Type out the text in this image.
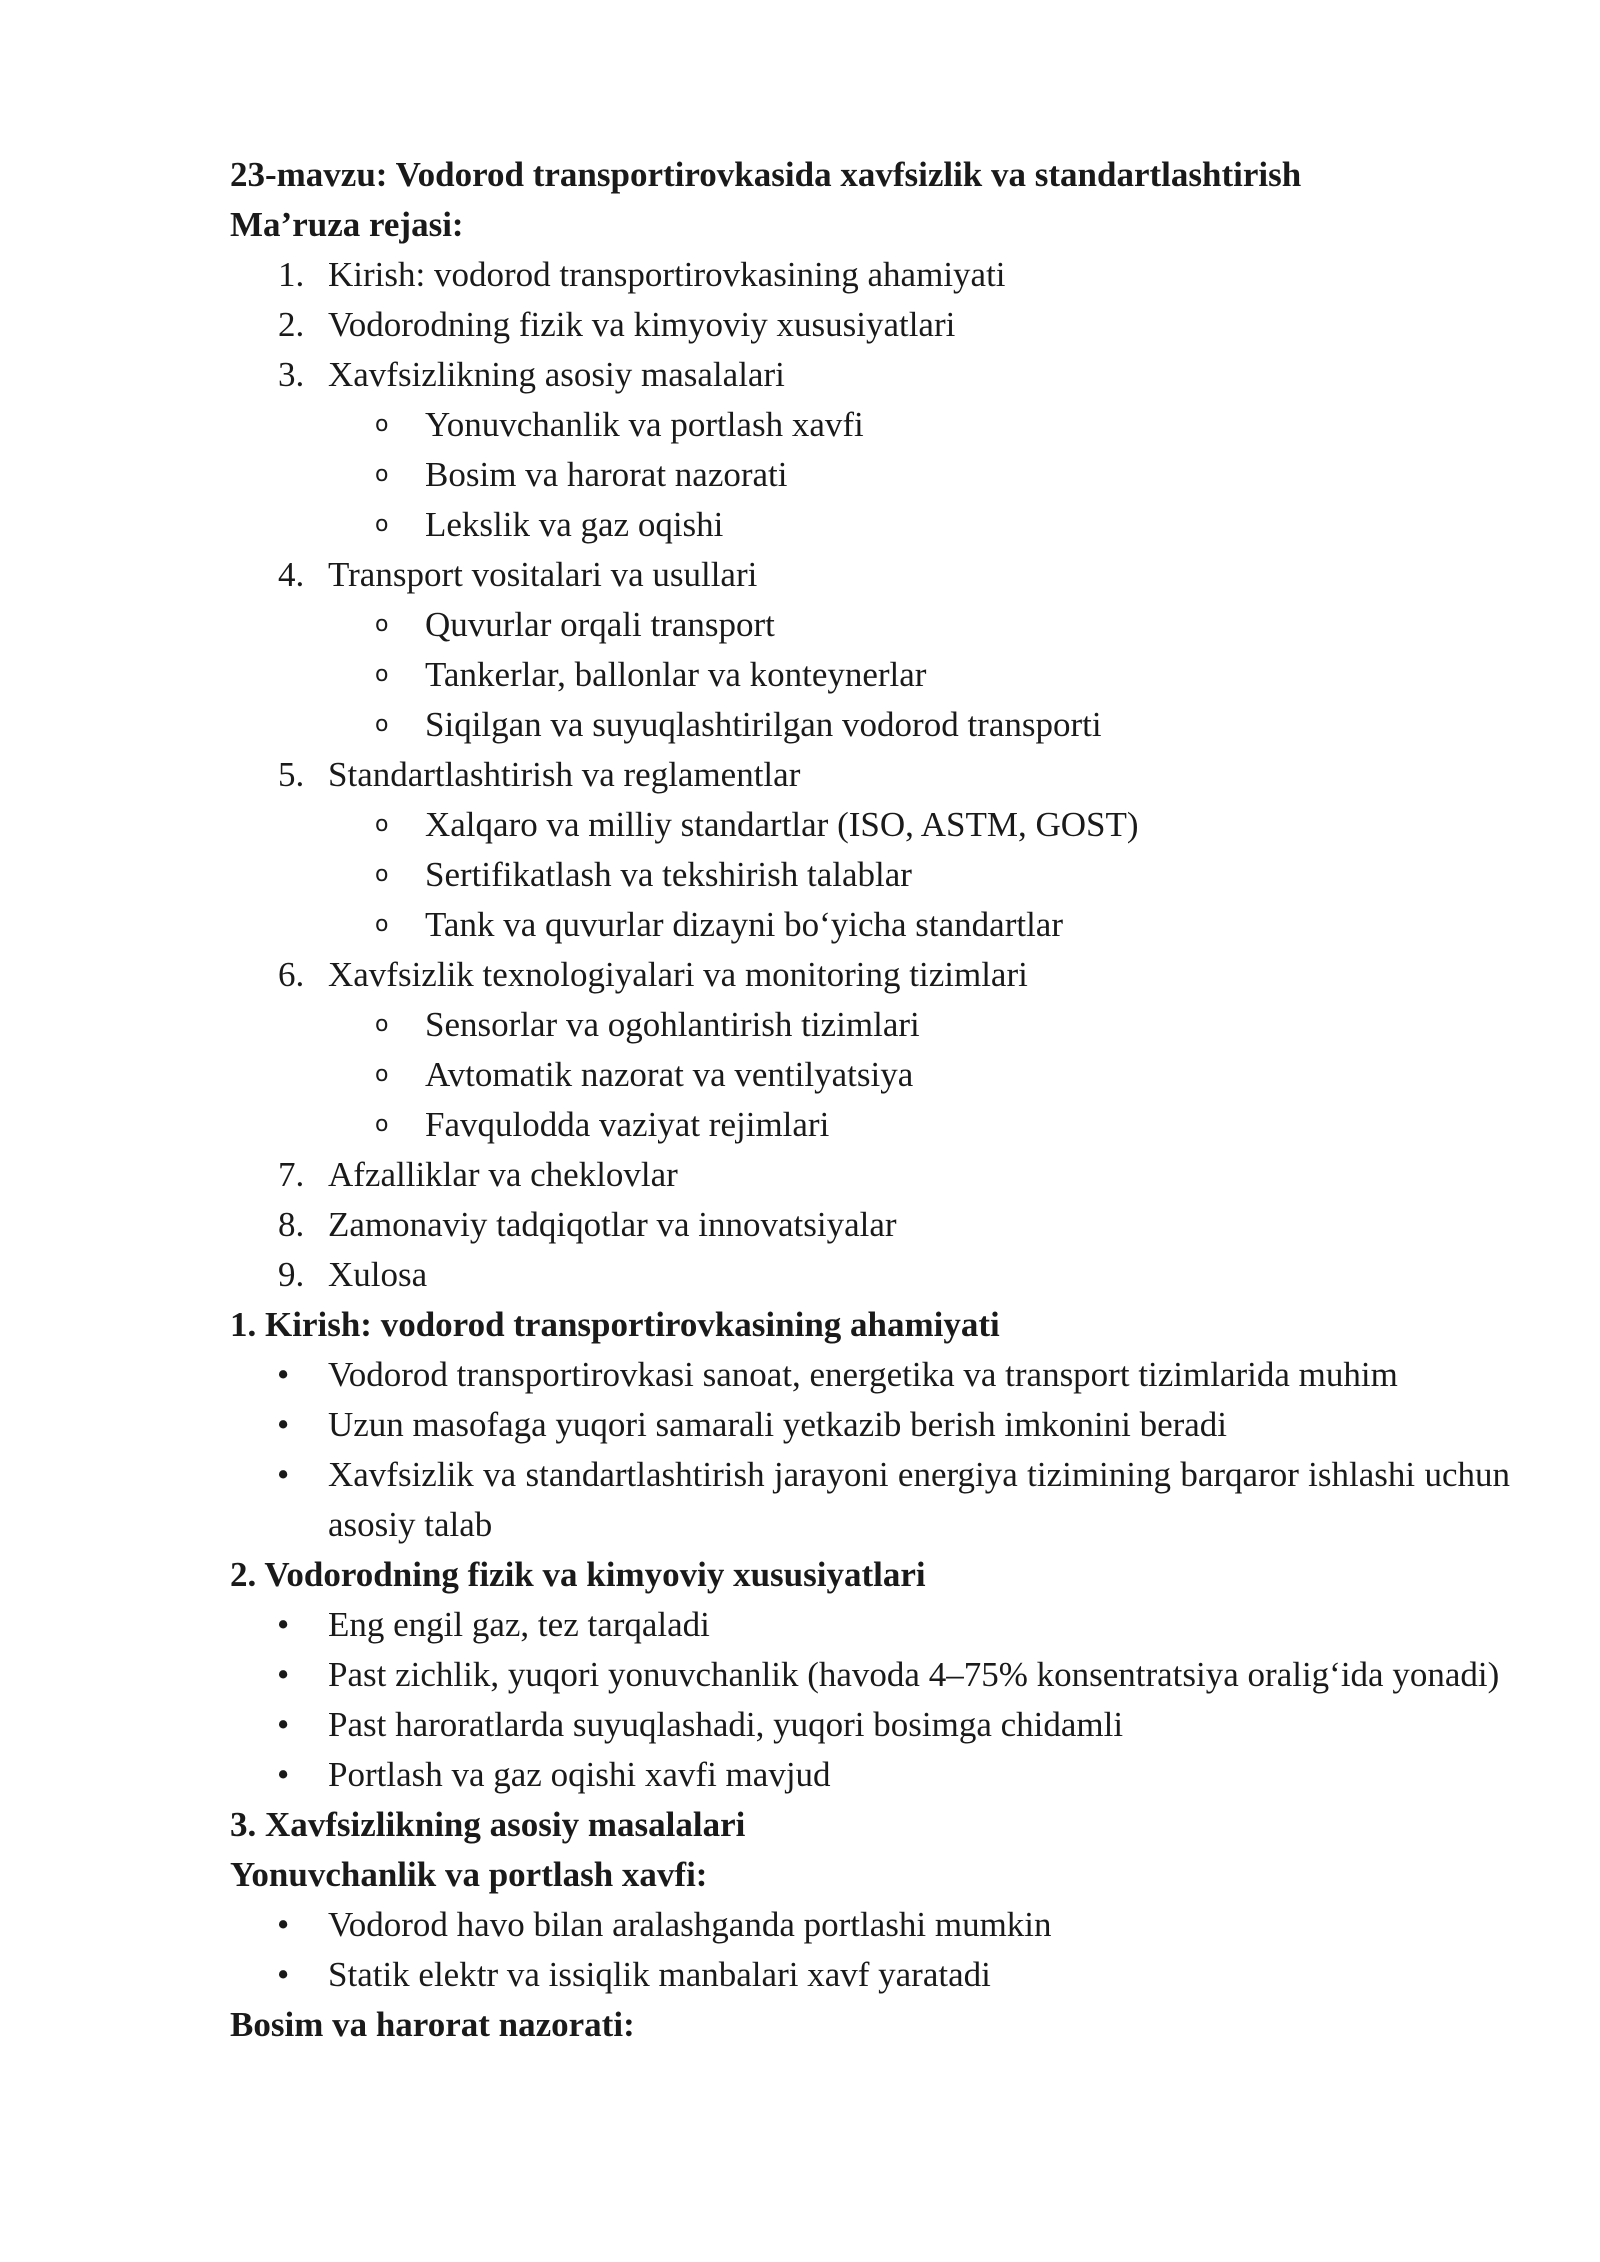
23-mavzu: Vodorod transportirovkasida xavfsizlik va standartlashtirish

Ma’ruza rejasi:

1. Kirish: vodorod transportirovkasining ahamiyati
2. Vodorodning fizik va kimyoviy xususiyatlari
3. Xavfsizlikning asosiy masalalari
o Yonuvchanlik va portlash xavfi
o Bosim va harorat nazorati
o Lekslik va gaz oqishi
4. Transport vositalari va usullari
o Quvurlar orqali transport
o Tankerlar, ballonlar va konteynerlar
o Siqilgan va suyuqlashtirilgan vodorod transporti
5. Standartlashtirish va reglamentlar
o Xalqaro va milliy standartlar (ISO, ASTM, GOST)
o Sertifikatlash va tekshirish talablar
o Tank va quvurlar dizayni bo‘yicha standartlar
6. Xavfsizlik texnologiyalari va monitoring tizimlari
o Sensorlar va ogohlantirish tizimlari
o Avtomatik nazorat va ventilyatsiya
o Favqulodda vaziyat rejimlari
7. Afzalliklar va cheklovlar
8. Zamonaviy tadqiqotlar va innovatsiyalar
9. Xulosa

1. Kirish: vodorod transportirovkasining ahamiyati

• Vodorod transportirovkasi sanoat, energetika va transport tizimlarida muhim
• Uzun masofaga yuqori samarali yetkazib berish imkonini beradi
• Xavfsizlik va standartlashtirish jarayoni energiya tizimining barqaror ishlashi uchun asosiy talab

2. Vodorodning fizik va kimyoviy xususiyatlari

• Eng engil gaz, tez tarqaladi
• Past zichlik, yuqori yonuvchanlik (havoda 4–75% konsentratsiya oralig‘ida yonadi)
• Past haroratlarda suyuqlashadi, yuqori bosimga chidamli
• Portlash va gaz oqishi xavfi mavjud

3. Xavfsizlikning asosiy masalalari

Yonuvchanlik va portlash xavfi:

• Vodorod havo bilan aralashganda portlashi mumkin
• Statik elektr va issiqlik manbalari xavf yaratadi

Bosim va harorat nazorati:
